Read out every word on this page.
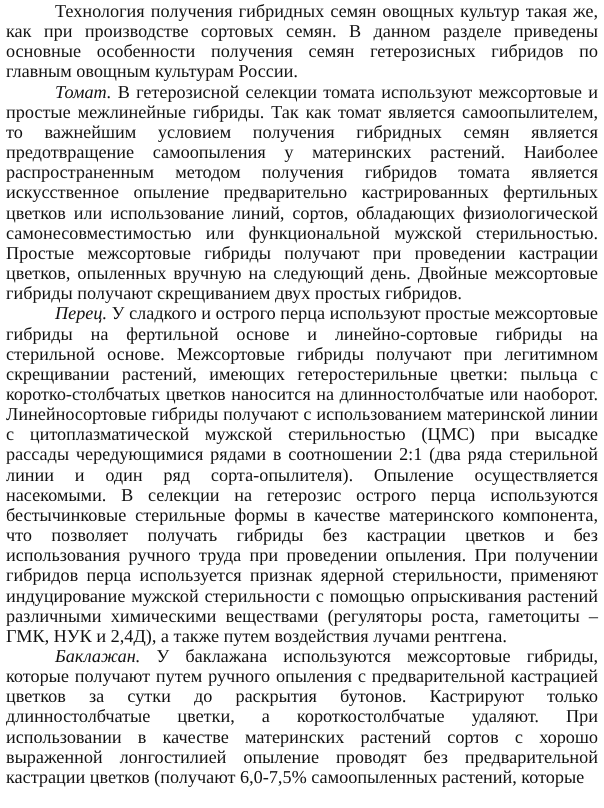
Технология получения гибридных семян овощных культур такая же, как при производстве сортовых семян. В данном разделе приведены основные особенности получения семян гетерозисных гибридов по главным овощным культурам России.

Томат. В гетерозисной селекции томата используют межсортовые и простые межлинейные гибриды. Так как томат является самоопылителем, то важнейшим условием получения гибридных семян является предотвращение самоопыления у материнских растений. Наиболее распространенным методом получения гибридов томата является искусственное опыление предварительно кастрированных фертильных цветков или использование линий, сортов, обладающих физиологической самонесовместимостью или функциональной мужской стерильностью. Простые межсортовые гибриды получают при проведении кастрации цветков, опыленных вручную на следующий день. Двойные межсортовые гибриды получают скрещиванием двух простых гибридов.

Перец. У сладкого и острого перца используют простые межсортовые гибриды на фертильной основе и линейно-сортовые гибриды на стерильной основе. Межсортовые гибриды получают при легитимном скрещивании растений, имеющих гетеростерильные цветки: пыльца с коротко-столбчатых цветков наносится на длинностолбчатые или наоборот. Линейносортовые гибриды получают с использованием материнской линии с цитоплазматической мужской стерильностью (ЦМС) при высадке рассады чередующимися рядами в соотношении 2:1 (два ряда стерильной линии и один ряд сорта-опылителя). Опыление осуществляется насекомыми. В селекции на гетерозис острого перца используются бестычинковые стерильные формы в качестве материнского компонента, что позволяет получать гибриды без кастрации цветков и без использования ручного труда при проведении опыления. При получении гибридов перца используется признак ядерной стерильности, применяют индуцирование мужской стерильности с помощью опрыскивания растений различными химическими веществами (регуляторы роста, гаметоциты – ГМК, НУК и 2,4Д), а также путем воздействия лучами рентгена.

Баклажан. У баклажана используются межсортовые гибриды, которые получают путем ручного опыления с предварительной кастрацией цветков за сутки до раскрытия бутонов. Кастрируют только длинностолбчатые цветки, а короткостолбчатые удаляют. При использовании в качестве материнских растений сортов с хорошо выраженной лонгостилией опыление проводят без предварительной кастрации цветков (получают 6,0-7,5% самоопыленных растений, которые
